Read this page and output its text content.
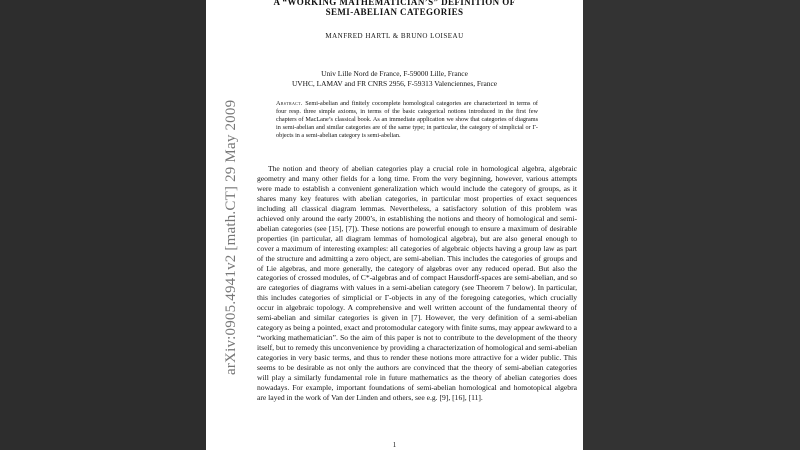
A “WORKING MATHEMATICIAN’S” DEFINITION OF
SEMI-ABELIAN CATEGORIES
MANFRED HARTL & BRUNO LOISEAU
Univ Lille Nord de France, F-59000 Lille, France
UVHC, LAMAV and FR CNRS 2956, F-59313 Valenciennes, France
Abstract. Semi-abelian and finitely cocomplete homological categories are characterized in terms of four resp. three simple axioms, in terms of the basic categorical notions introduced in the first few chapters of MacLane’s classical book. As an immediate application we show that categories of diagrams in semi-abelian and similar categories are of the same type; in particular, the category of simplicial or Γ-objects in a semi-abelian category is semi-abelian.

The notion and theory of abelian categories play a crucial role in homological algebra, algebraic geometry and many other fields for a long time. From the very beginning, however, various attempts were made to establish a convenient generalization which would include the category of groups, as it shares many key features with abelian categories, in particular most properties of exact sequences including all classical diagram lemmas. Nevertheless, a satisfactory solution of this problem was achieved only around the early 2000’s, in establishing the notions and theory of homological and semi-abelian categories (see [15], [7]). These notions are powerful enough to ensure a maximum of desirable properties (in particular, all diagram lemmas of homological algebra), but are also general enough to cover a maximum of interesting examples: all categories of algebraic objects having a group law as part of the structure and admitting a zero object, are semi-abelian. This includes the categories of groups and of Lie algebras, and more generally, the category of algebras over any reduced operad. But also the categories of crossed modules, of C*-algebras and of compact Hausdorff-spaces are semi-abelian, and so are categories of diagrams with values in a semi-abelian category (see Theorem 7 below). In particular, this includes categories of simplicial or Γ-objects in any of the foregoing categories, which crucially occur in algebraic topology. A comprehensive and well written account of the fundamental theory of semi-abelian and similar categories is given in [7]. However, the very definition of a semi-abelian category as being a pointed, exact and protomodular category with finite sums, may appear awkward to a “working mathematician”. So the aim of this paper is not to contribute to the development of the theory itself, but to remedy this unconvenience by providing a characterization of homological and semi-abelian categories in very basic terms, and thus to render these notions more attractive for a wider public. This seems to be desirable as not only the authors are convinced that the theory of semi-abelian categories will play a similarly fundamental role in future mathematics as the theory of abelian categories does nowadays. For example, important foundations of semi-abelian homological and homotopical algebra are layed in the work of Van der Linden and others, see e.g. [9], [16], [11].

1
arXiv:0905.4941v2 [math.CT] 29 May 2009
